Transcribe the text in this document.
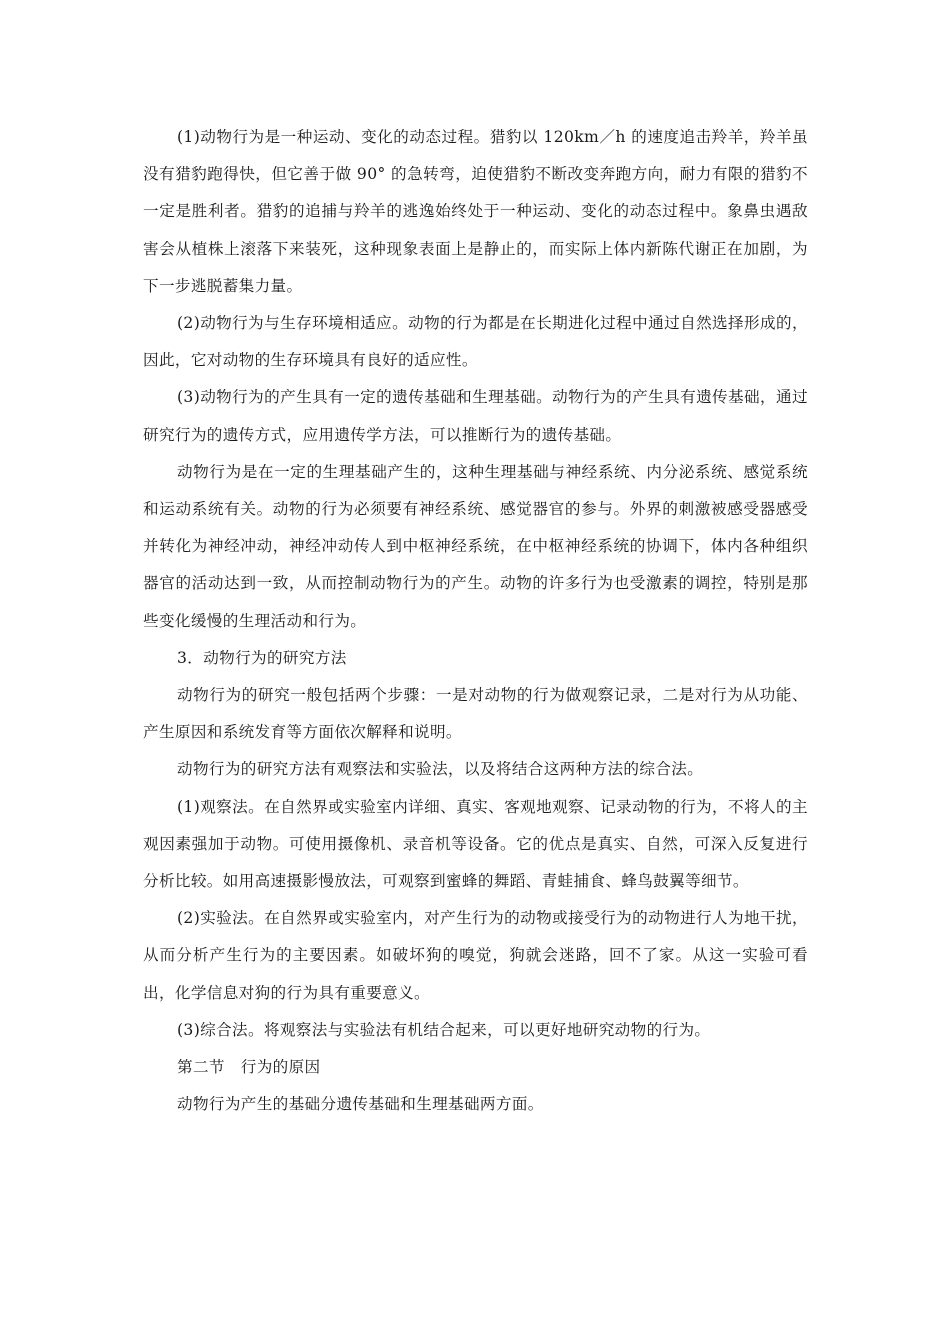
(1)动物行为是一种运动、变化的动态过程。猎豹以 120km／h 的速度追击羚羊，羚羊虽没有猎豹跑得快，但它善于做 90° 的急转弯，迫使猎豹不断改变奔跑方向，耐力有限的猎豹不一定是胜利者。猎豹的追捕与羚羊的逃逸始终处于一种运动、变化的动态过程中。象鼻虫遇敌害会从植株上滚落下来装死，这种现象表面上是静止的，而实际上体内新陈代谢正在加剧，为下一步逃脱蓄集力量。

(2)动物行为与生存环境相适应。动物的行为都是在长期进化过程中通过自然选择形成的，因此，它对动物的生存环境具有良好的适应性。

(3)动物行为的产生具有一定的遗传基础和生理基础。动物行为的产生具有遗传基础，通过研究行为的遗传方式，应用遗传学方法，可以推断行为的遗传基础。

动物行为是在一定的生理基础产生的，这种生理基础与神经系统、内分泌系统、感觉系统和运动系统有关。动物的行为必须要有神经系统、感觉器官的参与。外界的刺激被感受器感受并转化为神经冲动，神经冲动传人到中枢神经系统，在中枢神经系统的协调下，体内各种组织器官的活动达到一致，从而控制动物行为的产生。动物的许多行为也受激素的调控，特别是那些变化缓慢的生理活动和行为。

3．动物行为的研究方法

动物行为的研究一般包括两个步骤：一是对动物的行为做观察记录，二是对行为从功能、产生原因和系统发育等方面依次解释和说明。

动物行为的研究方法有观察法和实验法，以及将结合这两种方法的综合法。

(1)观察法。在自然界或实验室内详细、真实、客观地观察、记录动物的行为，不将人的主观因素强加于动物。可使用摄像机、录音机等设备。它的优点是真实、自然，可深入反复进行分析比较。如用高速摄影慢放法，可观察到蜜蜂的舞蹈、青蛙捕食、蜂鸟鼓翼等细节。

(2)实验法。在自然界或实验室内，对产生行为的动物或接受行为的动物进行人为地干扰，从而分析产生行为的主要因素。如破坏狗的嗅觉，狗就会迷路，回不了家。从这一实验可看出，化学信息对狗的行为具有重要意义。

(3)综合法。将观察法与实验法有机结合起来，可以更好地研究动物的行为。

第二节　行为的原因

动物行为产生的基础分遗传基础和生理基础两方面。
